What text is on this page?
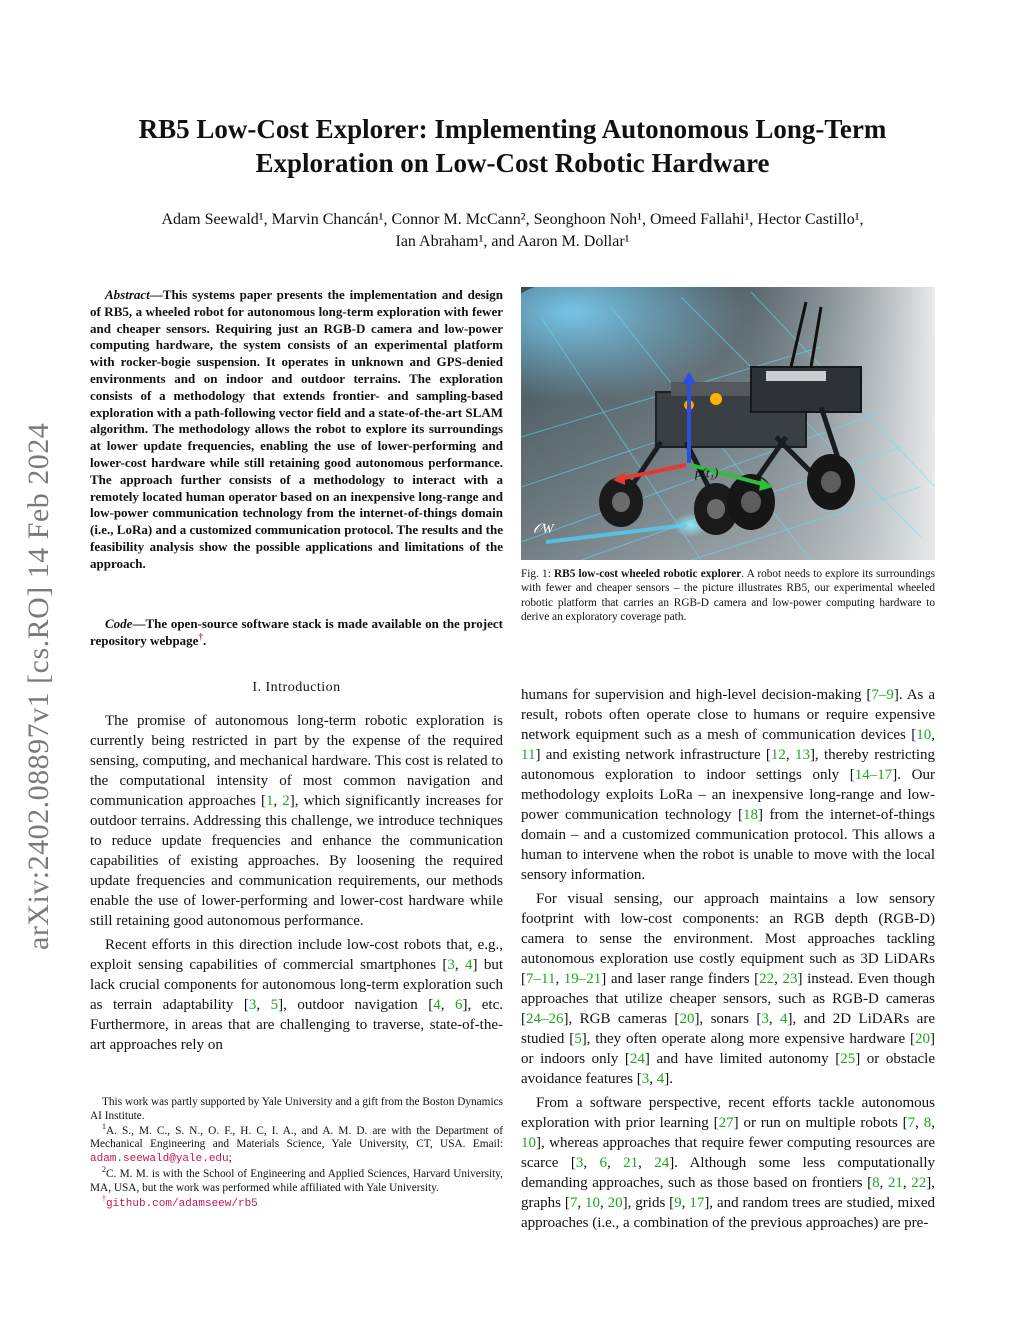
arXiv:2402.08897v1 [cs.RO] 14 Feb 2024
RB5 Low-Cost Explorer: Implementing Autonomous Long-Term Exploration on Low-Cost Robotic Hardware
Adam Seewald¹, Marvin Chancán¹, Connor M. McCann², Seonghoon Noh¹, Omeed Fallahi¹, Hector Castillo¹,
Ian Abraham¹, and Aaron M. Dollar¹

Abstract—This systems paper presents the implementation and design of RB5, a wheeled robot for autonomous long-term exploration with fewer and cheaper sensors. Requiring just an RGB-D camera and low-power computing hardware, the system consists of an experimental platform with rocker-bogie suspension. It operates in unknown and GPS-denied environments and on indoor and outdoor terrains. The exploration consists of a methodology that extends frontier- and sampling-based exploration with a path-following vector field and a state-of-the-art SLAM algorithm. The methodology allows the robot to explore its surroundings at lower update frequencies, enabling the use of lower-performing and lower-cost hardware while still retaining good autonomous performance. The approach further consists of a methodology to interact with a remotely located human operator based on an inexpensive long-range and low-power communication technology from the internet-of-things domain (i.e., LoRa) and a customized communication protocol. The results and the feasibility analysis show the possible applications and limitations of the approach.

Code—The open-source software stack is made available on the project repository webpage†.

I. Introduction

The promise of autonomous long-term robotic exploration is currently being restricted in part by the expense of the required sensing, computing, and mechanical hardware. This cost is related to the computational intensity of most common navigation and communication approaches [1, 2], which significantly increases for outdoor terrains. Addressing this challenge, we introduce techniques to reduce update frequencies and enhance the communication capabilities of existing approaches. By loosening the required update frequencies and communication requirements, our methods enable the use of lower-performing and lower-cost hardware while still retaining good autonomous performance.

Recent efforts in this direction include low-cost robots that, e.g., exploit sensing capabilities of commercial smartphones [3, 4] but lack crucial components for autonomous long-term exploration such as terrain adaptability [3, 5], outdoor navigation [4, 6], etc. Furthermore, in areas that are challenging to traverse, state-of-the-art approaches rely on

This work was partly supported by Yale University and a gift from the Boston Dynamics AI Institute.

$^1$A. S., M. C., S. N., O. F., H. C, I. A., and A. M. D. are with the Department of Mechanical Engineering and Materials Science, Yale University, CT, USA. Email: adam.seewald@yale.edu;

$^2$C. M. M. is with the School of Engineering and Applied Sciences, Harvard University, MA, USA, but the work was performed while affiliated with Yale University.

†github.com/adamseew/rb5

p(t₁)
𝒪W

Fig. 1: RB5 low-cost wheeled robotic explorer. A robot needs to explore its surroundings with fewer and cheaper sensors – the picture illustrates RB5, our experimental wheeled robotic platform that carries an RGB-D camera and low-power computing hardware to derive an exploratory coverage path.

humans for supervision and high-level decision-making [7–9]. As a result, robots often operate close to humans or require expensive network equipment such as a mesh of communication devices [10, 11] and existing network infrastructure [12, 13], thereby restricting autonomous exploration to indoor settings only [14–17]. Our methodology exploits LoRa – an inexpensive long-range and low-power communication technology [18] from the internet-of-things domain – and a customized communication protocol. This allows a human to intervene when the robot is unable to move with the local sensory information.

For visual sensing, our approach maintains a low sensory footprint with low-cost components: an RGB depth (RGB-D) camera to sense the environment. Most approaches tackling autonomous exploration use costly equipment such as 3D LiDARs [7–11, 19–21] and laser range finders [22, 23] instead. Even though approaches that utilize cheaper sensors, such as RGB-D cameras [24–26], RGB cameras [20], sonars [3, 4], and 2D LiDARs are studied [5], they often operate along more expensive hardware [20] or indoors only [24] and have limited autonomy [25] or obstacle avoidance features [3, 4].

From a software perspective, recent efforts tackle autonomous exploration with prior learning [27] or run on multiple robots [7, 8, 10], whereas approaches that require fewer computing resources are scarce [3, 6, 21, 24]. Although some less computationally demanding approaches, such as those based on frontiers [8, 21, 22], graphs [7, 10, 20], grids [9, 17], and random trees are studied, mixed approaches (i.e., a combination of the previous approaches) are pre-
